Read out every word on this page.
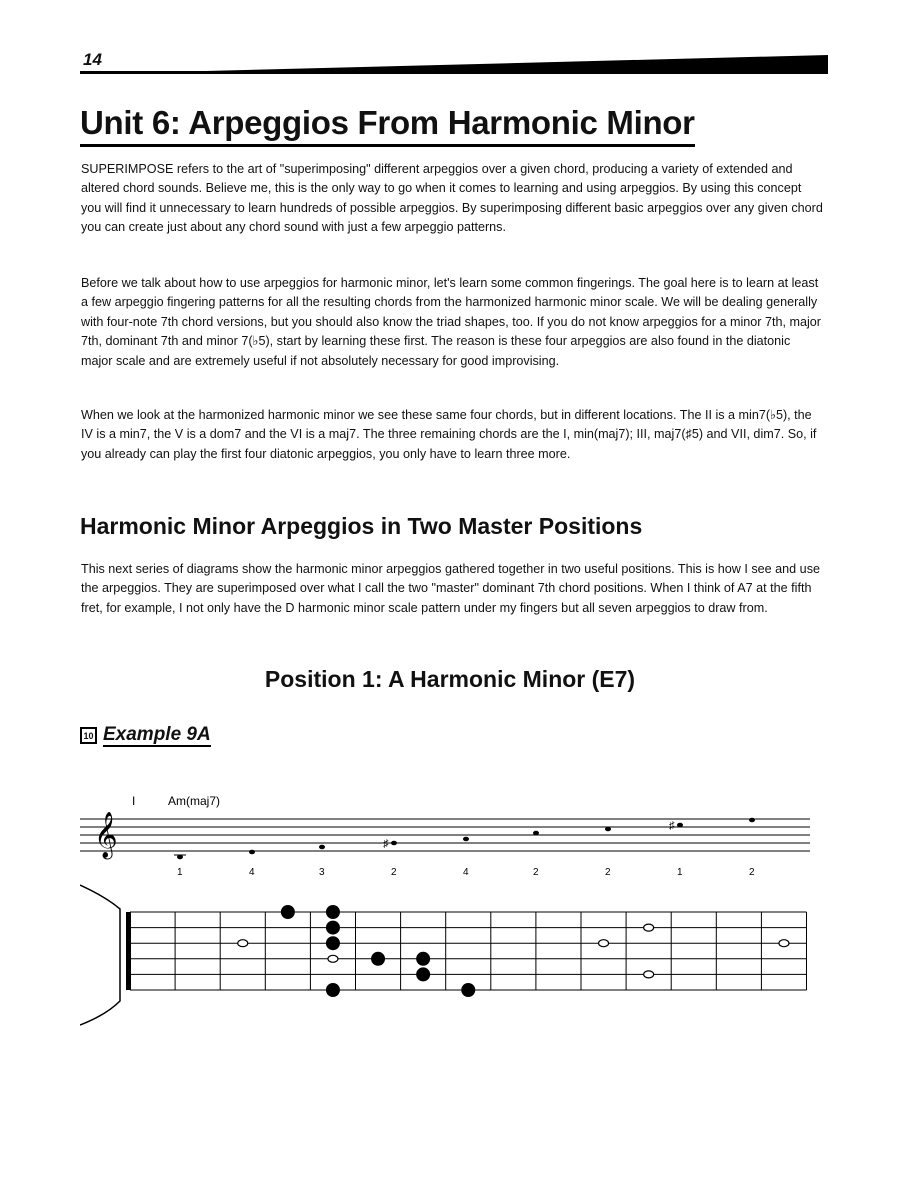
14
Unit 6: Arpeggios From Harmonic Minor

SUPERIMPOSE refers to the art of "superimposing" different arpeggios over a given chord, producing a variety of extended and altered chord sounds. Believe me, this is the only way to go when it comes to learning and using arpeggios. By using this concept you will find it unnecessary to learn hundreds of possible arpeggios. By superimposing different basic arpeggios over any given chord you can create just about any chord sound with just a few arpeggio patterns.

Before we talk about how to use arpeggios for harmonic minor, let's learn some common fingerings. The goal here is to learn at least a few arpeggio fingering patterns for all the resulting chords from the harmonized harmonic minor scale. We will be dealing generally with four-note 7th chord versions, but you should also know the triad shapes, too. If you do not know arpeggios for a minor 7th, major 7th, dominant 7th and minor 7(♭5), start by learning these first. The reason is these four arpeggios are also found in the diatonic major scale and are extremely useful if not absolutely necessary for good improvising.

When we look at the harmonized harmonic minor we see these same four chords, but in different locations. The II is a min7(♭5), the IV is a min7, the V is a dom7 and the VI is a maj7. The three remaining chords are the I, min(maj7); III, maj7(♯5) and VII, dim7. So, if you already can play the first four diatonic arpeggios, you only have to learn three more.

Harmonic Minor Arpeggios in Two Master Positions

This next series of diagrams show the harmonic minor arpeggios gathered together in two useful positions. This is how I see and use the arpeggios. They are superimposed over what I call the two "master" dominant 7th chord positions. When I think of A7 at the fifth fret, for example, I not only have the D harmonic minor scale pattern under my fingers but all seven arpeggios to draw from.

Position 1: A Harmonic Minor (E7)
10 Example 9A
𝄞
I	Am(maj7)
♯
♯
1	4	3	2	4	2	2	1	2
